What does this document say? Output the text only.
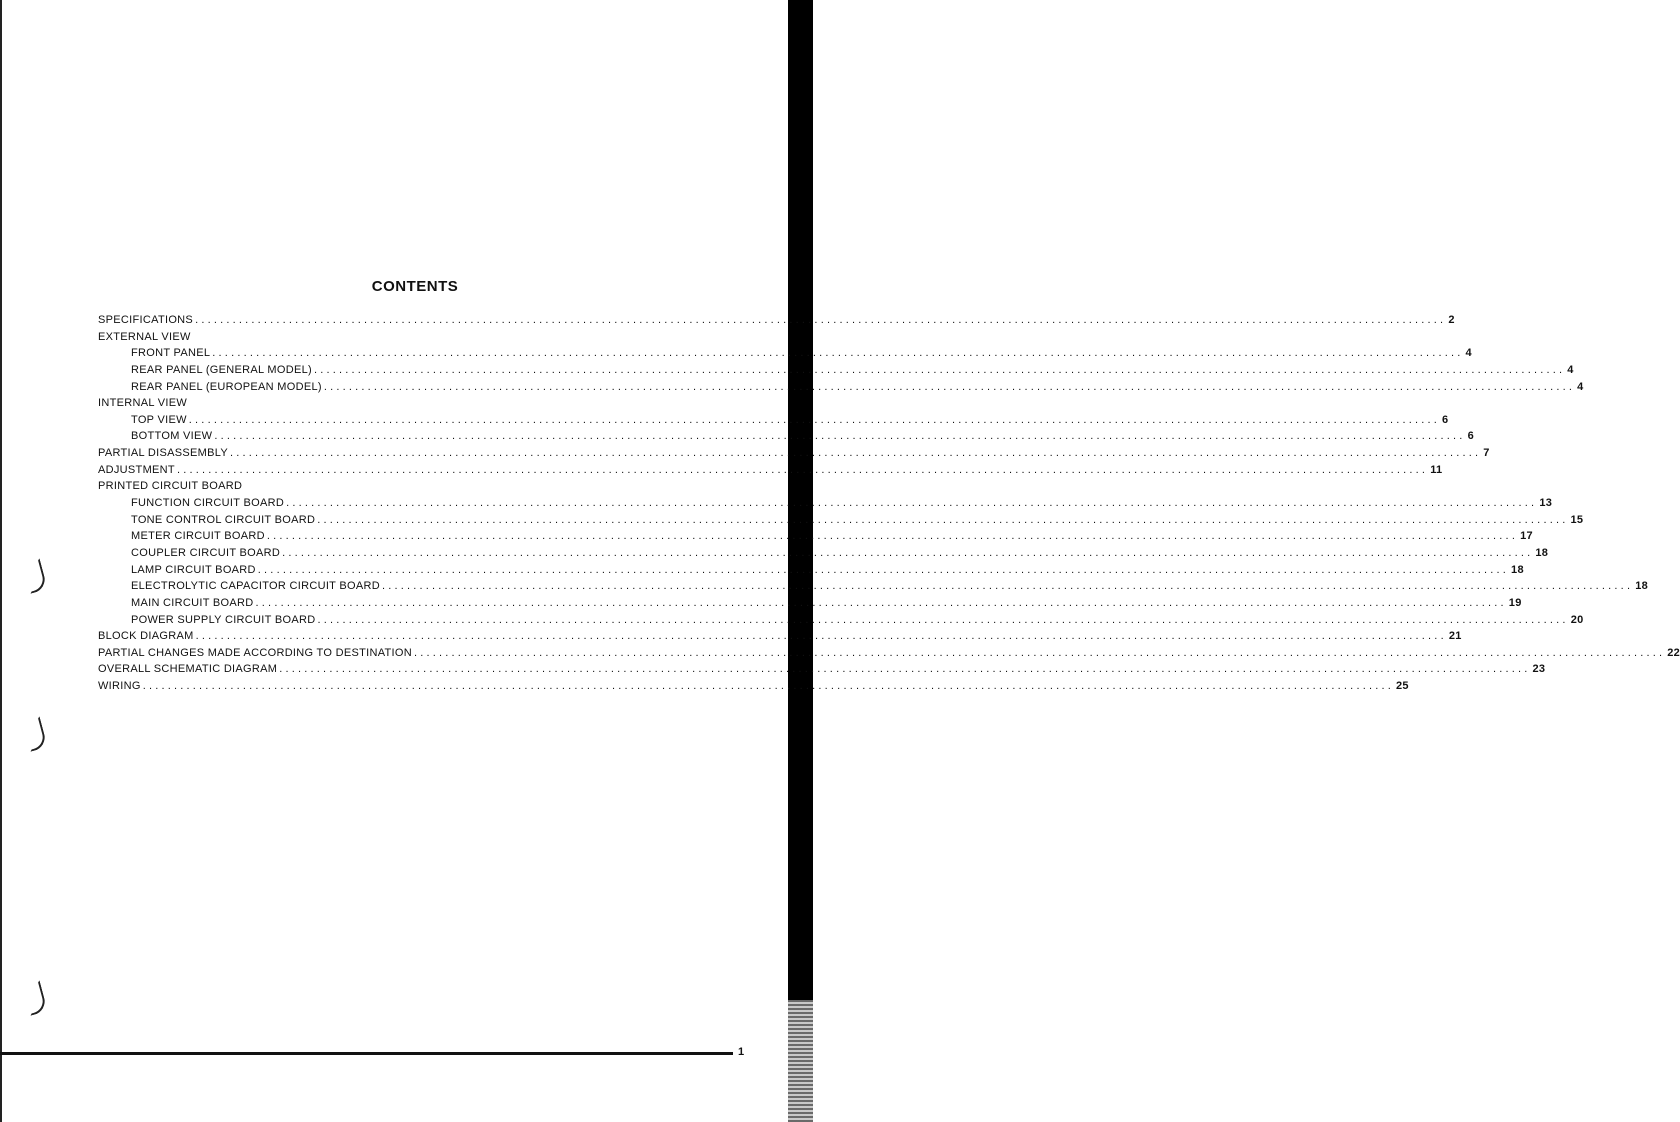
CONTENTS
SPECIFICATIONS ........................................................................................................................................................................................................ 2
EXTERNAL VIEW
FRONT PANEL ........................................................................................................................................................................................................ 4
REAR PANEL (GENERAL MODEL) ........................................................................................................................................................................................................ 4
REAR PANEL (EUROPEAN MODEL) ........................................................................................................................................................................................................ 4
INTERNAL VIEW
TOP VIEW ........................................................................................................................................................................................................ 6
BOTTOM VIEW ........................................................................................................................................................................................................ 6
PARTIAL DISASSEMBLY ........................................................................................................................................................................................................ 7
ADJUSTMENT ........................................................................................................................................................................................................ 11
PRINTED CIRCUIT BOARD
FUNCTION CIRCUIT BOARD ........................................................................................................................................................................................................ 13
TONE CONTROL CIRCUIT BOARD ........................................................................................................................................................................................................ 15
METER CIRCUIT BOARD ........................................................................................................................................................................................................ 17
COUPLER CIRCUIT BOARD ........................................................................................................................................................................................................ 18
LAMP CIRCUIT BOARD ........................................................................................................................................................................................................ 18
ELECTROLYTIC CAPACITOR CIRCUIT BOARD ........................................................................................................................................................................................................ 18
MAIN CIRCUIT BOARD ........................................................................................................................................................................................................ 19
POWER SUPPLY CIRCUIT BOARD ........................................................................................................................................................................................................ 20
BLOCK DIAGRAM ........................................................................................................................................................................................................ 21
PARTIAL CHANGES MADE ACCORDING TO DESTINATION ........................................................................................................................................................................................................ 22
OVERALL SCHEMATIC DIAGRAM ........................................................................................................................................................................................................ 23
WIRING ........................................................................................................................................................................................................ 25
1
